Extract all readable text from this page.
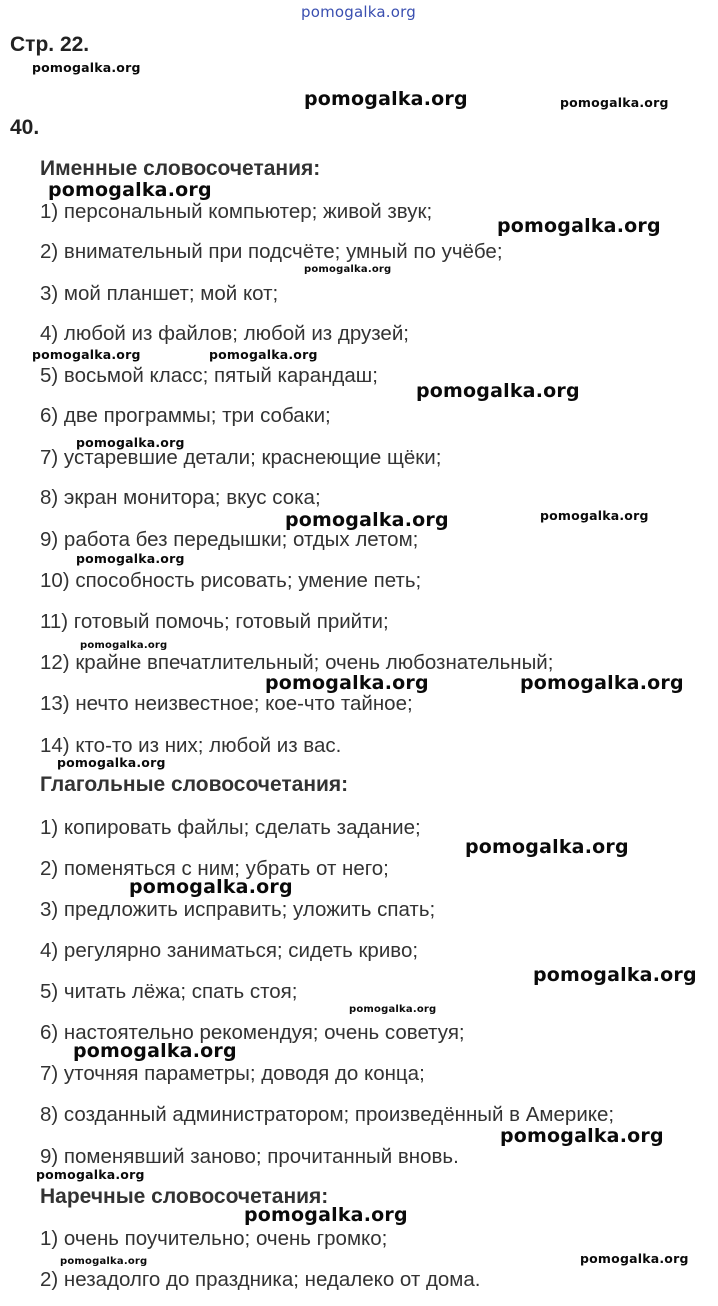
Стр. 22.
40.
Именные словосочетания:
1) персональный компьютер; живой звук;
2) внимательный при подсчёте; умный по учёбе;
3) мой планшет; мой кот;
4) любой из файлов; любой из друзей;
5) восьмой класс; пятый карандаш;
6) две программы; три собаки;
7) устаревшие детали; краснеющие щёки;
8) экран монитора; вкус сока;
9) работа без передышки; отдых летом;
10) способность рисовать; умение петь;
11) готовый помочь; готовый прийти;
12) крайне впечатлительный; очень любознательный;
13) нечто неизвестное; кое-что тайное;
14) кто-то из них; любой из вас.
Глагольные словосочетания:
1) копировать файлы; сделать задание;
2) поменяться с ним; убрать от него;
3) предложить исправить; уложить спать;
4) регулярно заниматься; сидеть криво;
5) читать лёжа; спать стоя;
6) настоятельно рекомендуя; очень советуя;
7) уточняя параметры; доводя до конца;
8) созданный администратором; произведённый в Америке;
9) поменявший заново; прочитанный вновь.
Наречные словосочетания:
1) очень поучительно; очень громко;
2) незадолго до праздника; недалеко от дома.
pomogalka.org
pomogalka.org
pomogalka.org	pomogalka.org
pomogalka.org
pomogalka.org
pomogalka.org
pomogalka.org	pomogalka.org
pomogalka.org
pomogalka.org
pomogalka.org	pomogalka.org
pomogalka.org
pomogalka.org
pomogalka.org	pomogalka.org
pomogalka.org
pomogalka.org
pomogalka.org
pomogalka.org
pomogalka.org
pomogalka.org
pomogalka.org
pomogalka.org
pomogalka.org
pomogalka.org	pomogalka.org
